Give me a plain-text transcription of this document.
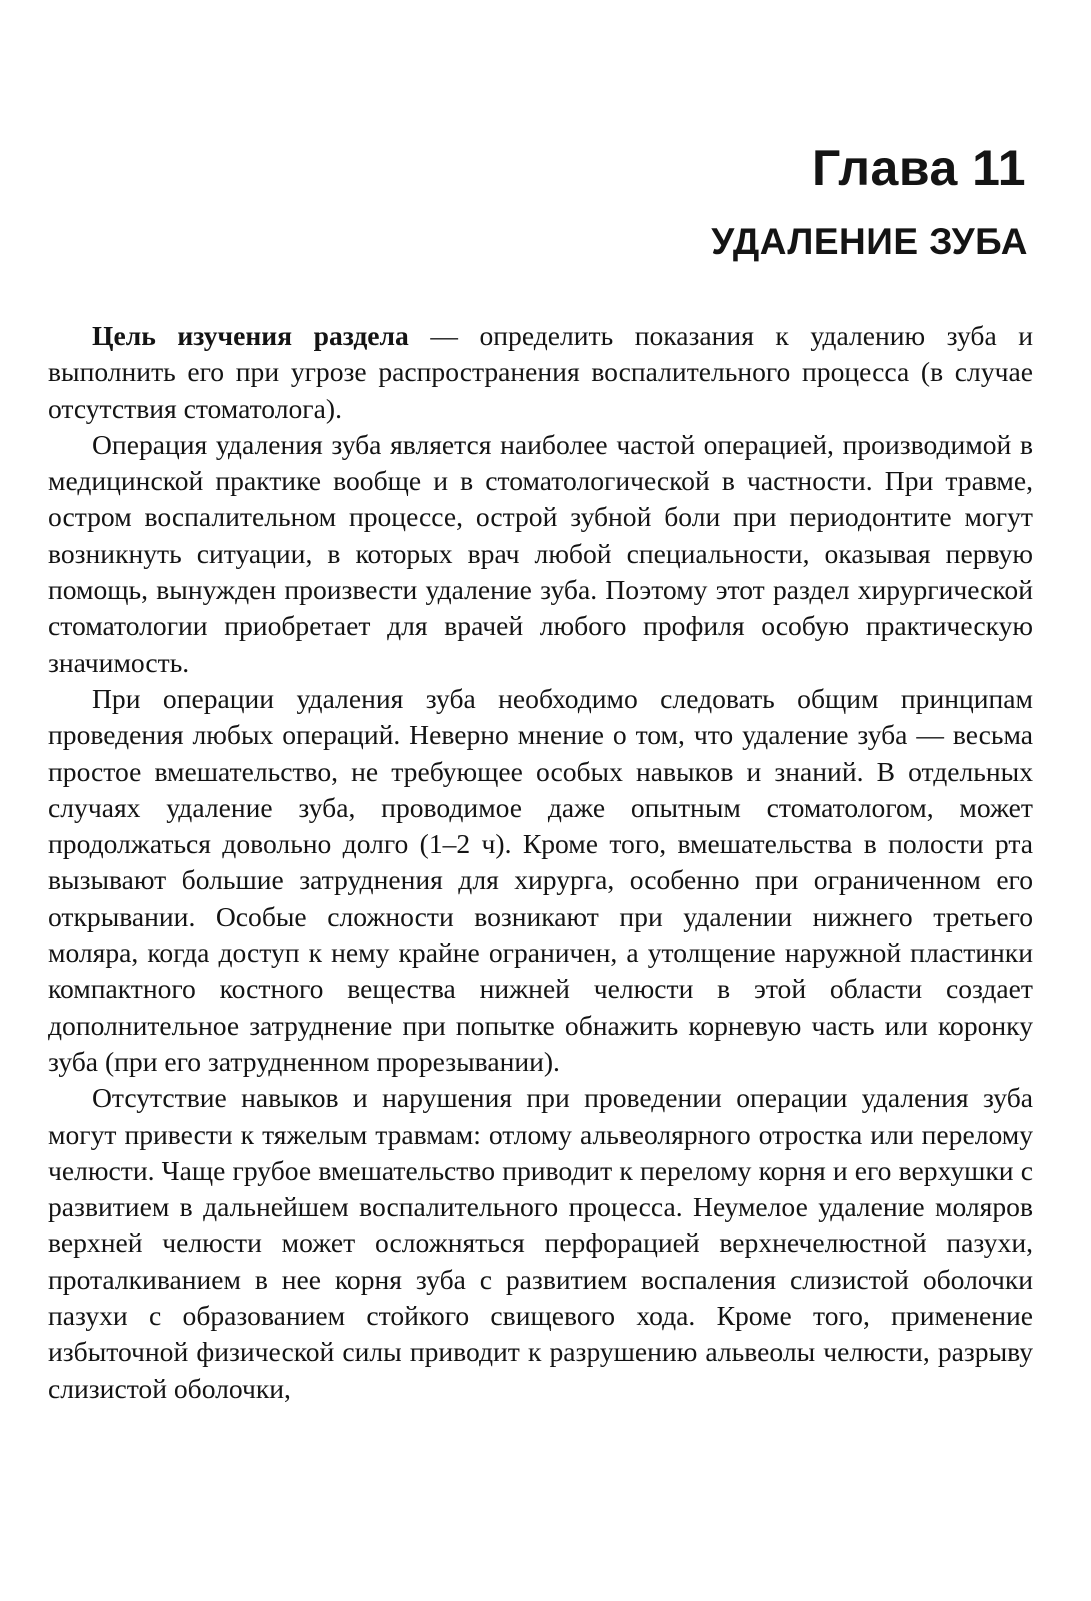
Глава 11
УДАЛЕНИЕ ЗУБА

Цель изучения раздела — определить показания к удалению зуба и выполнить его при угрозе распространения воспалительного процесса (в случае отсутствия стоматолога).

Операция удаления зуба является наиболее частой операцией, производимой в медицинской практике вообще и в стоматологической в частности. При травме, остром воспалительном процессе, острой зубной боли при периодонтите могут возникнуть ситуации, в которых врач любой специальности, оказывая первую помощь, вынужден произвести удаление зуба. Поэтому этот раздел хирургической стоматологии приобретает для врачей любого профиля особую практическую значимость.

При операции удаления зуба необходимо следовать общим принципам проведения любых операций. Неверно мнение о том, что удаление зуба — весьма простое вмешательство, не требующее особых навыков и знаний. В отдельных случаях удаление зуба, проводимое даже опытным стоматологом, может продолжаться довольно долго (1–2 ч). Кроме того, вмешательства в полости рта вызывают большие затруднения для хирурга, особенно при ограниченном его открывании. Особые сложности возникают при удалении нижнего третьего моляра, когда доступ к нему крайне ограничен, а утолщение наружной пластинки компактного костного вещества нижней челюсти в этой области создает дополнительное затруднение при попытке обнажить корневую часть или коронку зуба (при его затрудненном прорезывании).

Отсутствие навыков и нарушения при проведении операции удаления зуба могут привести к тяжелым травмам: отлому альвеолярного отростка или перелому челюсти. Чаще грубое вмешательство приводит к перелому корня и его верхушки с развитием в дальнейшем воспалительного процесса. Неумелое удаление моляров верхней челюсти может осложняться перфорацией верхнечелюстной пазухи, проталкиванием в нее корня зуба с развитием воспаления слизистой оболочки пазухи с образованием стойкого свищевого хода. Кроме того, применение избыточной физической силы приводит к разрушению альвеолы челюсти, разрыву слизистой оболочки,
